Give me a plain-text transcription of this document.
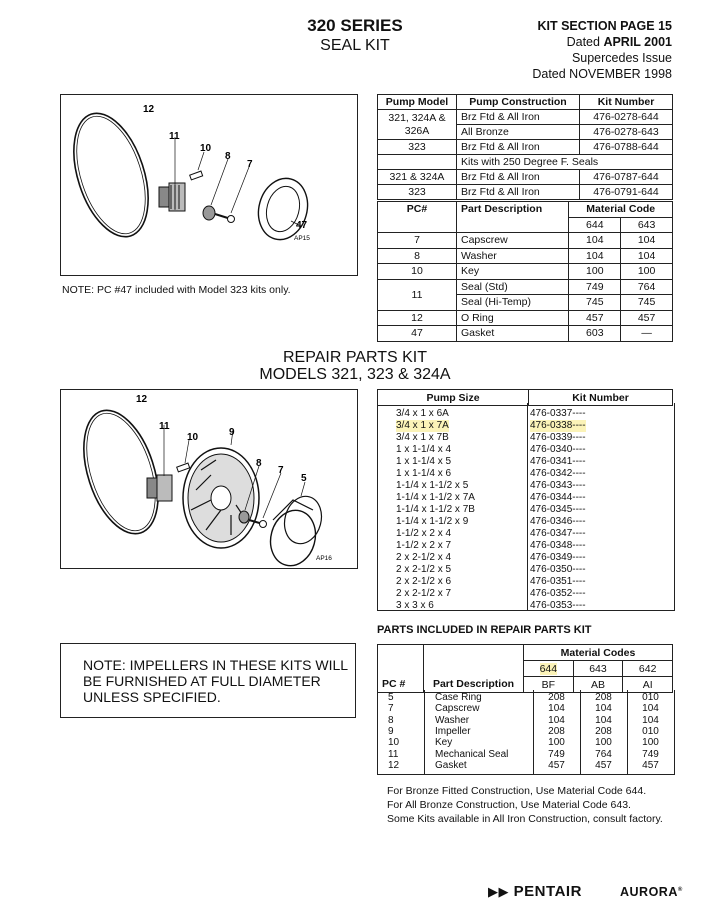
320 SERIES
SEAL KIT
KIT SECTION PAGE 15
Dated APRIL 2001
Supercedes Issue
Dated NOVEMBER 1998
12
11
10
8
7
47
AP15
NOTE: PC #47 included with Model 323 kits only.
Pump Model	Pump Construction	Kit Number

321, 324A &
326A	Brz Ftd & All Iron	476-0278-644
	All Bronze	476-0278-643
323	Brz Ftd & All Iron	476-0788-644
	Kits with 250 Degree F. Seals	
321 & 324A	Brz Ftd & All Iron	476-0787-644
323	Brz Ftd & All Iron	476-0791-644
PC#	Part Description	Material Code	
		644	643
7	Capscrew	104	104
8	Washer	104	104
10	Key	100	100
11	Seal (Std)	749	764
	Seal (Hi-Temp)	745	745
12	O Ring	457	457
47	Gasket	603	—
REPAIR PARTS KIT
MODELS 321, 323 & 324A
12
11
10	9
8
7
5
AP16
Pump Size	Kit Number
3/4 x 1 x 6A	476-0337----
3/4 x 1 x 7A	476-0338----
3/4 x 1 x 7B	476-0339----
1 x 1-1/4 x 4	476-0340----
1 x 1-1/4 x 5	476-0341----
1 x 1-1/4 x 6	476-0342----
1-1/4 x 1-1/2 x 5	476-0343----
1-1/4 x 1-1/2 x 7A	476-0344----
1-1/4 x 1-1/2 x 7B	476-0345----
1-1/4 x 1-1/2 x 9	476-0346----
1-1/2 x 2 x 4	476-0347----
1-1/2 x 2 x 7	476-0348----
2 x 2-1/2 x 4	476-0349----
2 x 2-1/2 x 5	476-0350----
2 x 2-1/2 x 6	476-0351----
2 x 2-1/2 x 7	476-0352----
3 x 3 x 6	476-0353----
PARTS INCLUDED IN REPAIR PARTS KIT
NOTE: IMPELLERS IN THESE KITS WILL BE FURNISHED AT FULL DIAMETER UNLESS SPECIFIED.
		Material Codes		
		644	643	642
PC #	Part Description	BF	AB	AI
5	Case Ring	208	208	010
7	Capscrew	104	104	104
8	Washer	104	104	104
9	Impeller	208	208	010
10	Key	100	100	100
11	Mechanical Seal	749	764	749
12	Gasket	457	457	457
For Bronze Fitted Construction, Use Material Code 644.
For All Bronze Construction, Use Material Code 643.
Some Kits available in All Iron Construction, consult factory.
▶▶ PENTAIR	AURORA®
